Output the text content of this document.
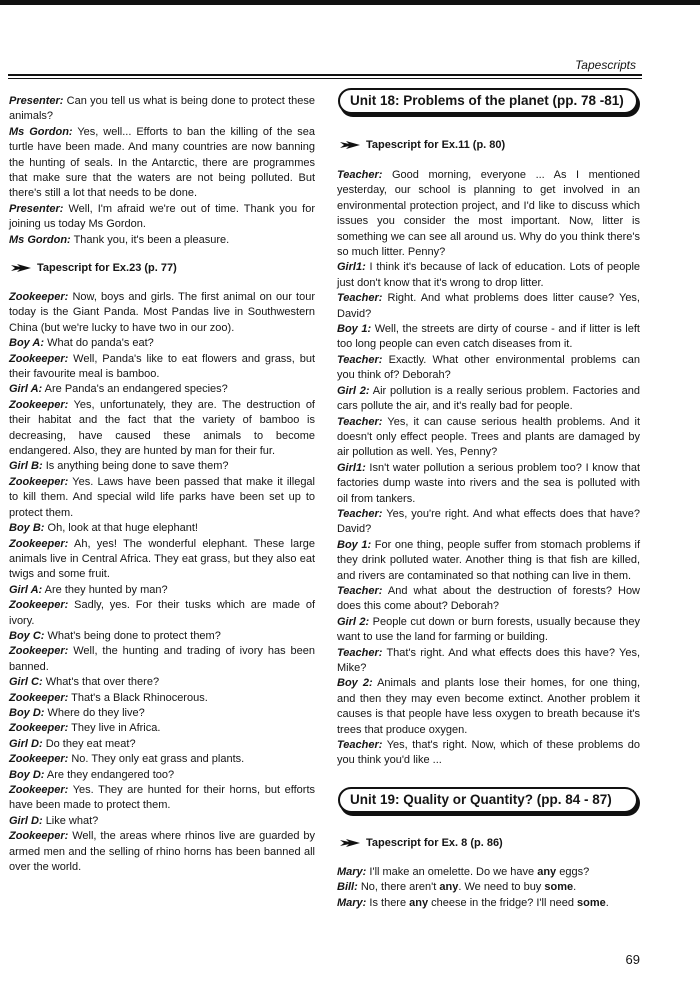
Tapescripts

Presenter: Can you tell us what is being done to protect these animals?

Ms Gordon: Yes, well... Efforts to ban the killing of the sea turtle have been made. And many countries are now banning the hunting of seals. In the Antarctic, there are programmes that make sure that the waters are not being polluted. But there's still a lot that needs to be done.

Presenter: Well, I'm afraid we're out of time. Thank you for joining us today Ms Gordon.

Ms Gordon: Thank you, it's been a pleasure.

Tapescript for Ex.23 (p. 77)

Zookeeper: Now, boys and girls. The first animal on our tour today is the Giant Panda. Most Pandas live in Southwestern China (but we're lucky to have two in our zoo).

Boy A: What do panda's eat?

Zookeeper: Well, Panda's like to eat flowers and grass, but their favourite meal is bamboo.

Girl A: Are Panda's an endangered species?

Zookeeper: Yes, unfortunately, they are. The destruction of their habitat and the fact that the variety of bamboo is decreasing, have caused these animals to become endangered. Also, they are hunted by man for their fur.

Girl B: Is anything being done to save them?

Zookeeper: Yes. Laws have been passed that make it illegal to kill them. And special wild life parks have been set up to protect them.

Boy B: Oh, look at that huge elephant!

Zookeeper: Ah, yes! The wonderful elephant. These large animals live in Central Africa. They eat grass, but they also eat twigs and some fruit.

Girl A: Are they hunted by man?

Zookeeper: Sadly, yes. For their tusks which are made of ivory.

Boy C: What's being done to protect them?

Zookeeper: Well, the hunting and trading of ivory has been banned.

Girl C: What's that over there?

Zookeeper: That's a Black Rhinocerous.

Boy D: Where do they live?

Zookeeper: They live in Africa.

Girl D: Do they eat meat?

Zookeeper: No. They only eat grass and plants.

Boy D: Are they endangered too?

Zookeeper: Yes. They are hunted for their horns, but efforts have been made to protect them.

Girl D: Like what?

Zookeeper: Well, the areas where rhinos live are guarded by armed men and the selling of rhino horns has been banned all over the world.

Unit 18: Problems of the planet (pp. 78 -81)
Tapescript for Ex.11 (p. 80)

Teacher: Good morning, everyone ... As I mentioned yesterday, our school is planning to get involved in an environmental protection project, and I'd like to discuss which issues you consider the most important. Now, litter is something we can see all around us. Why do you think there's so much litter. Penny?

Girl1: I think it's because of lack of education. Lots of people just don't know that it's wrong to drop litter.

Teacher: Right. And what problems does litter cause? Yes, David?

Boy 1: Well, the streets are dirty of course - and if litter is left too long people can even catch diseases from it.

Teacher: Exactly. What other environmental problems can you think of? Deborah?

Girl 2: Air pollution is a really serious problem. Factories and cars pollute the air, and it's really bad for people.

Teacher: Yes, it can cause serious health problems. And it doesn't only effect people. Trees and plants are damaged by air pollution as well. Yes, Penny?

Girl1: Isn't water pollution a serious problem too? I know that factories dump waste into rivers and the sea is polluted with oil from tankers.

Teacher: Yes, you're right. And what effects does that have? David?

Boy 1: For one thing, people suffer from stomach problems if they drink polluted water. Another thing is that fish are killed, and rivers are contaminated so that nothing can live in them.

Teacher: And what about the destruction of forests? How does this come about? Deborah?

Girl 2: People cut down or burn forests, usually because they want to use the land for farming or building.

Teacher: That's right. And what effects does this have? Yes, Mike?

Boy 2: Animals and plants lose their homes, for one thing, and then they may even become extinct. Another problem it causes is that people have less oxygen to breath because it's trees that produce oxygen.

Teacher: Yes, that's right. Now, which of these problems do you think you'd like ...

Unit 19: Quality or Quantity? (pp. 84 - 87)
Tapescript for Ex. 8 (p. 86)

Mary: I'll make an omelette. Do we have any eggs?

Bill: No, there aren't any. We need to buy some.

Mary: Is there any cheese in the fridge? I'll need some.

69
